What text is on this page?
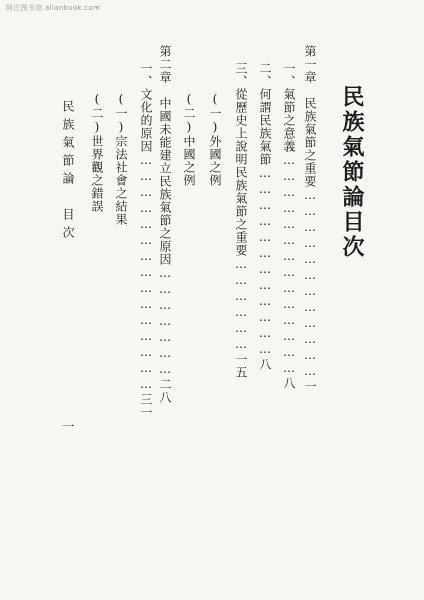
阿庄图书馆 alianbook.com
民族氣節論目次
第一章　民族氣節之重要………………………………一
一、氣節之意義……………………………………八
二、何謂民族氣節………………………………八
三、從歷史上說明民族氣節之重要………………一五
(一)外國之例
(二)中國之例
第二章　中國未能建立民族氣節之原因…………………二八
一、文化的原因………………………………………三一
(一)宗法社會之結果
(二)世界觀之錯誤
民族氣節論　目次
一
